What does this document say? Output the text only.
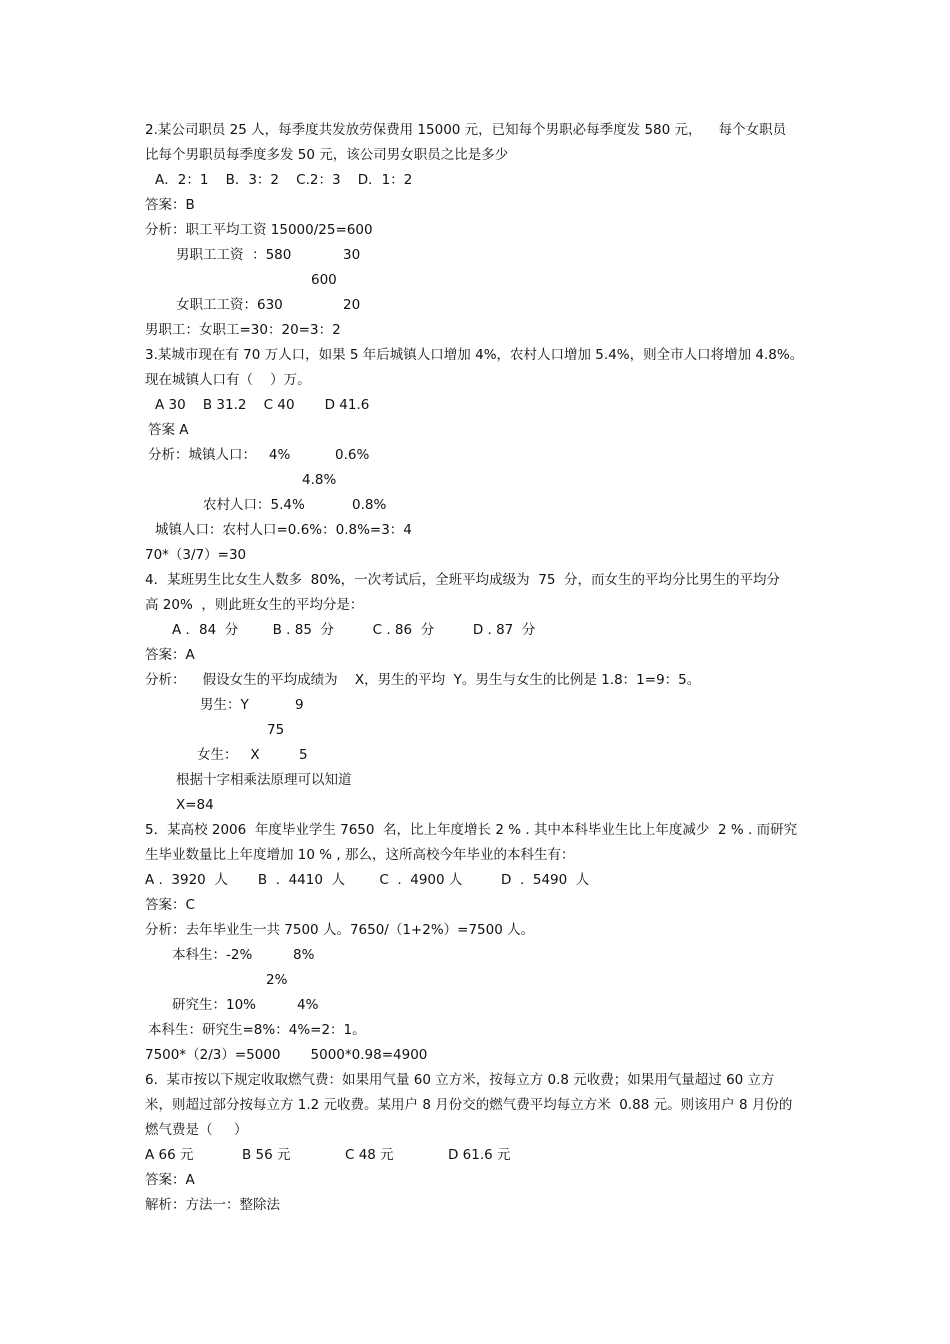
2.某公司职员 25 人，每季度共发放劳保费用 15000 元，已知每个男职必每季度发 580 元，    每个女职员
比每个男职员每季度多发 50 元，该公司男女职员之比是多少
A．2：1    B．3：2    C.2：3    D．1：2
答案：B
分析：职工平均工资 15000/25=600
男职工工资  ：580	30
600
女职工工资：630	20
男职工：女职工=30：20=3：2
3.某城市现在有 70 万人口，如果 5 年后城镇人口增加 4%，农村人口增加 5.4%，则全市人口将增加 4.8%。
现在城镇人口有（    ）万。
A 30    B 31.2    C 40       D 41.6
答案 A
分析：城镇人口：   4%	0.6%
4.8%
农村人口：5.4%	0.8%
城镇人口：农村人口=0.6%：0.8%=3：4
70*（3/7）=30
4．某班男生比女生人数多  80%，一次考试后，全班平均成级为  75  分，而女生的平均分比男生的平均分
高 20%  ，则此班女生的平均分是：
A ．84  分        B . 85  分         C . 86  分         D . 87  分
答案：A
分析：    假设女生的平均成绩为    X，男生的平均  Y。男生与女生的比例是 1.8：1=9：5。
男生：Y	9
75
女生：   X	5
根据十字相乘法原理可以知道
X=84
5．某高校 2006  年度毕业学生 7650  名，比上年度增长 2 % . 其中本科毕业生比上年度减少  2 % . 而研究
生毕业数量比上年度增加 10 % , 那么，这所高校今年毕业的本科生有：
A .  3920  人       B  .  4410  人        C  .  4900 人         D  .  5490  人
答案：C
分析：去年毕业生一共 7500 人。7650/（1+2%）=7500 人。
本科生：-2%	8%
2%
研究生：10%	4%
本科生：研究生=8%：4%=2：1。
7500*（2/3）=5000       5000*0.98=4900
6.  某市按以下规定收取燃气费：如果用气量 60 立方米，按每立方 0.8 元收费；如果用气量超过 60 立方
米，则超过部分按每立方 1.2 元收费。某用户 8 月份交的燃气费平均每立方米  0.88 元。则该用户 8 月份的
燃气费是（     ）
A 66 元	B 56 元	C 48 元	D 61.6 元
答案：A
解析：方法一：整除法
